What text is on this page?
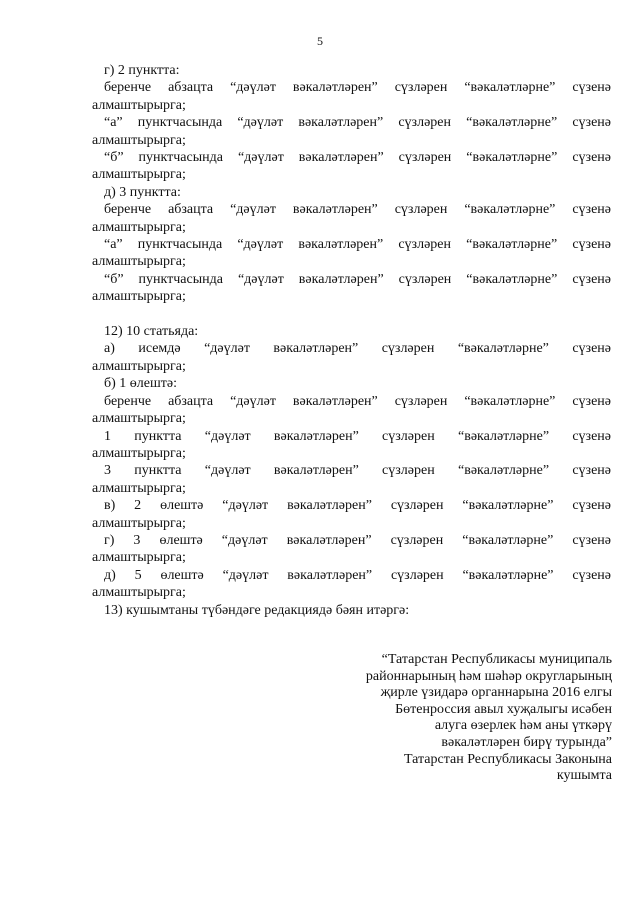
5
г) 2 пунктта:
беренче абзацта “дәүләт вәкаләтләрен” сүзләрен “вәкаләтләрне” сүзенә
алмаштырырга;
“а” пунктчасында “дәүләт вәкаләтләрен” сүзләрен “вәкаләтләрне” сүзенә
алмаштырырга;
“б” пунктчасында “дәүләт вәкаләтләрен” сүзләрен “вәкаләтләрне” сүзенә
алмаштырырга;
д) 3 пунктта:
беренче абзацта “дәүләт вәкаләтләрен” сүзләрен “вәкаләтләрне” сүзенә
алмаштырырга;
“а” пунктчасында “дәүләт вәкаләтләрен” сүзләрен “вәкаләтләрне” сүзенә
алмаштырырга;
“б” пунктчасында “дәүләт вәкаләтләрен” сүзләрен “вәкаләтләрне” сүзенә
алмаштырырга;
12) 10 статьяда:
а) исемдә “дәүләт вәкаләтләрен” сүзләрен “вәкаләтләрне” сүзенә
алмаштырырга;
б) 1 өлештә:
беренче абзацта “дәүләт вәкаләтләрен” сүзләрен “вәкаләтләрне” сүзенә
алмаштырырга;
1 пунктта “дәүләт вәкаләтләрен” сүзләрен “вәкаләтләрне” сүзенә
алмаштырырга;
3 пунктта “дәүләт вәкаләтләрен” сүзләрен “вәкаләтләрне” сүзенә
алмаштырырга;
в) 2 өлештә “дәүләт вәкаләтләрен” сүзләрен “вәкаләтләрне” сүзенә
алмаштырырга;
г) 3 өлештә “дәүләт вәкаләтләрен” сүзләрен “вәкаләтләрне” сүзенә
алмаштырырга;
д) 5 өлештә “дәүләт вәкаләтләрен” сүзләрен “вәкаләтләрне” сүзенә
алмаштырырга;
13) кушымтаны түбәндәге редакциядә бәян итәргә:
“Татарстан Республикасы муниципаль
районнарының һәм шәһәр округларының
җирле үзидарә органнарына 2016 елгы
Бөтенроссия авыл хуҗалыгы исәбен
алуга өзерлек һәм аны үткәрү
вәкаләтләрен бирү турында”
Татарстан Республикасы Законына
кушымта
